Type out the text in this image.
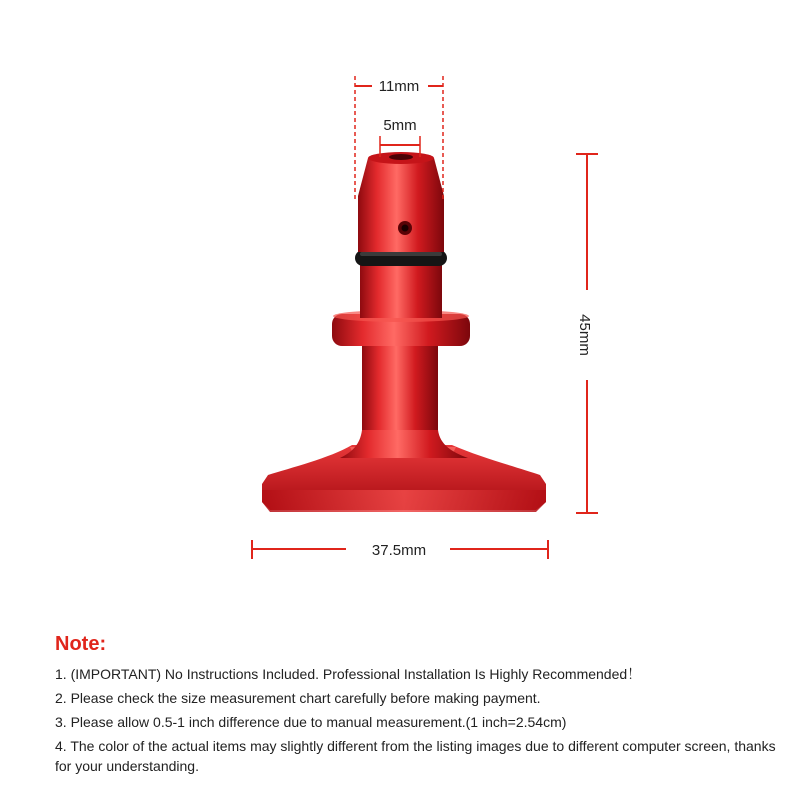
11mm
5mm
45mm
37.5mm

Note:

1. (IMPORTANT) No Instructions Included. Professional Installation Is Highly Recommended！
2. Please check the size measurement chart carefully before making payment.
3. Please allow 0.5-1 inch difference due to manual measurement.(1 inch=2.54cm)
4. The color of the actual items may slightly different from the listing images due to different computer screen, thanks for your understanding.
